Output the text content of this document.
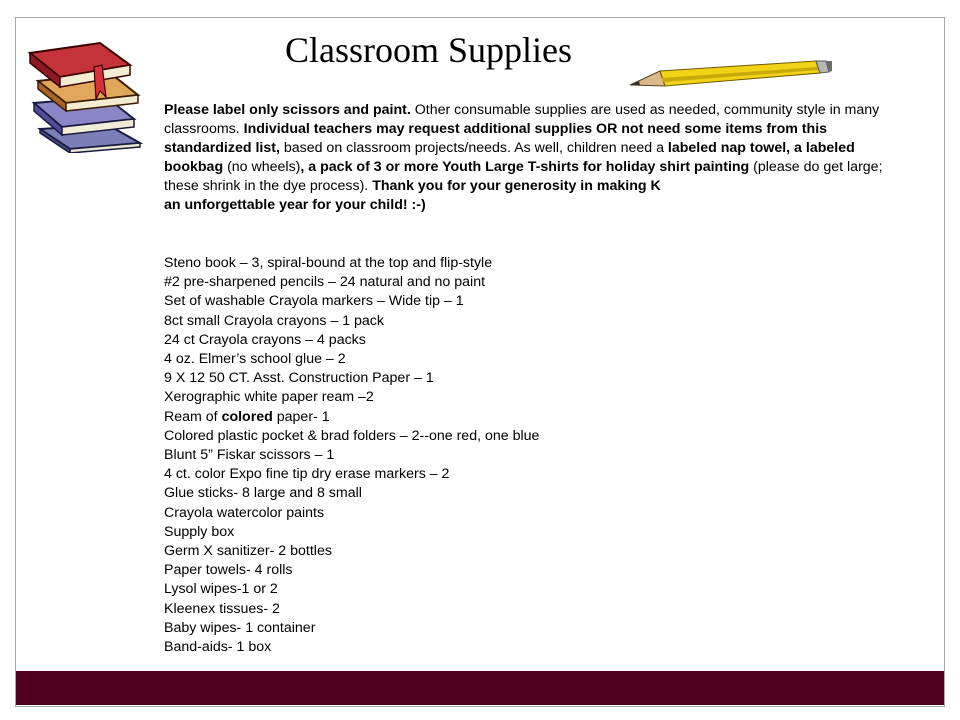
Classroom Supplies

Please label only scissors and paint. Other consumable supplies are used as needed, community style in many classrooms. Individual teachers may request additional supplies OR not need some items from this standardized list, based on classroom projects/needs. As well, children need a labeled nap towel, a labeled bookbag (no wheels), a pack of 3 or more Youth Large T-shirts for holiday shirt painting (please do get large; these shrink in the dye process). Thank you for your generosity in making K

an unforgettable year for your child! :-)

Steno book – 3, spiral-bound at the top and flip-style
#2 pre-sharpened pencils – 24 natural and no paint
Set of washable Crayola markers – Wide tip – 1
8ct small Crayola crayons – 1 pack
24 ct Crayola crayons – 4 packs
4 oz. Elmer’s school glue – 2
9 X 12 50 CT. Asst. Construction Paper – 1
Xerographic white paper ream –2
Ream of colored paper- 1
Colored plastic pocket & brad folders – 2--one red, one blue
Blunt 5” Fiskar scissors – 1
4 ct. color Expo fine tip dry erase markers – 2
Glue sticks- 8 large and 8 small
Crayola watercolor paints
Supply box
Germ X sanitizer- 2 bottles
Paper towels- 4 rolls
Lysol wipes-1 or 2
Kleenex tissues- 2
Baby wipes- 1 container
Band-aids- 1 box
